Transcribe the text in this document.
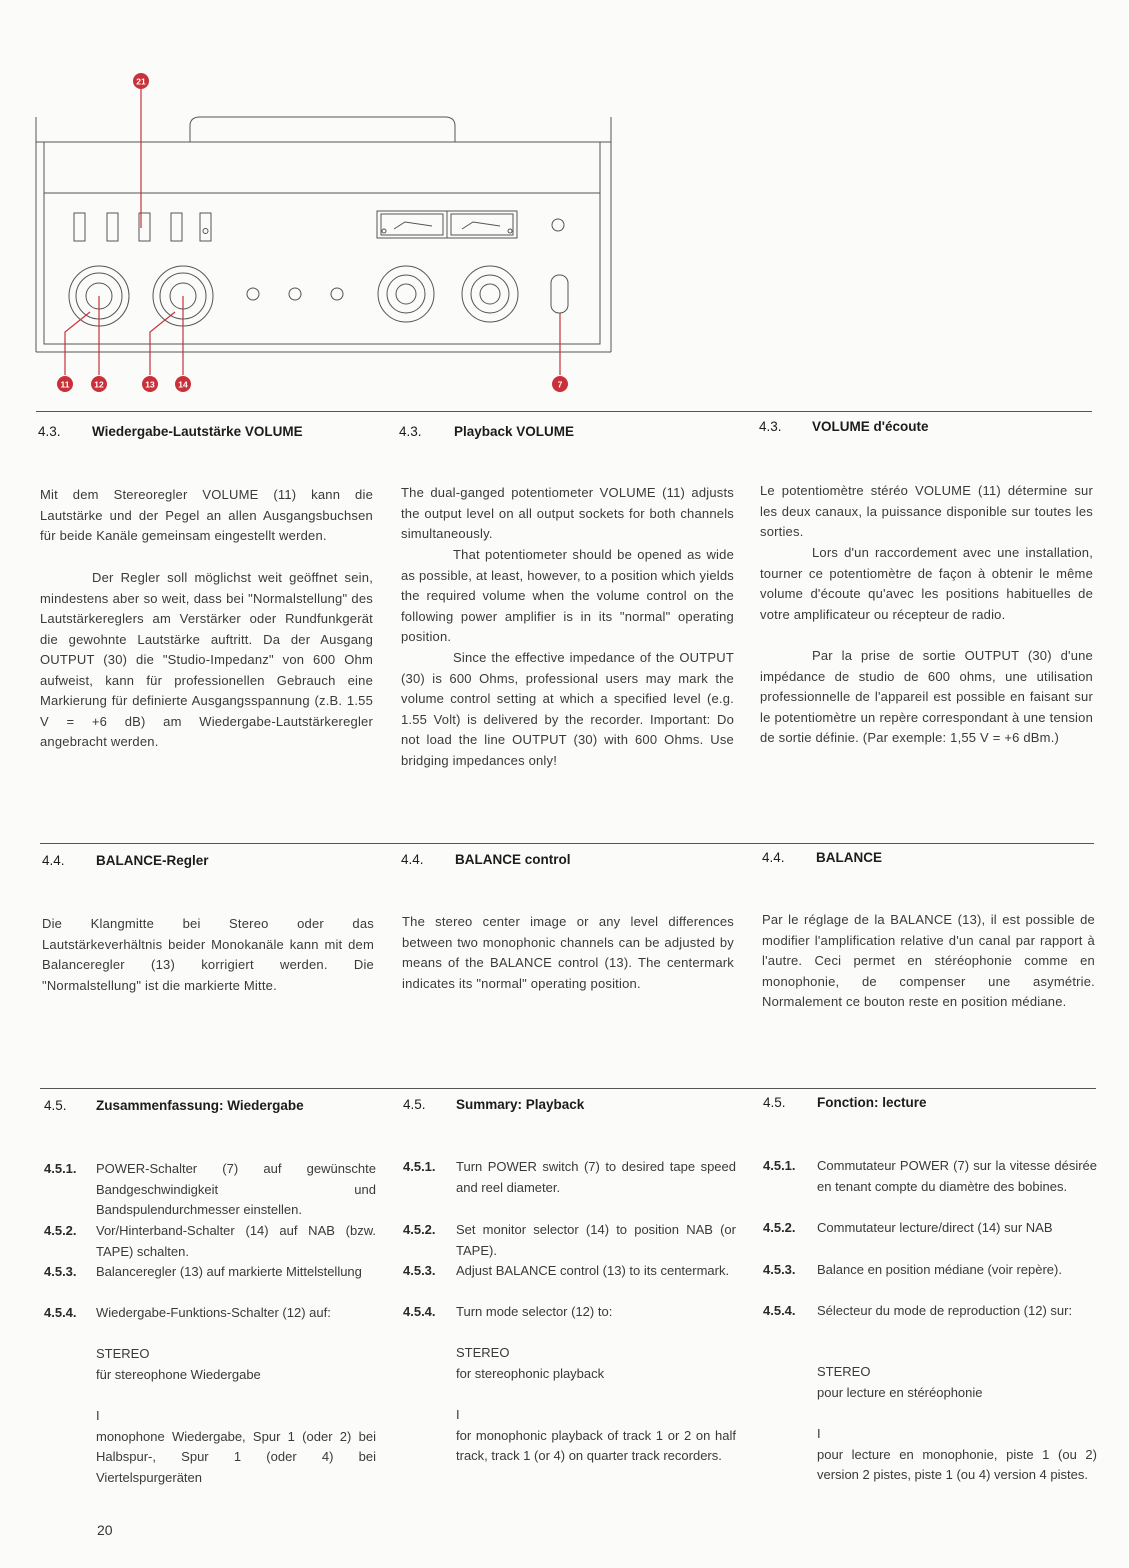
21
11	12	13	14	7
4.3. Wiedergabe-Lautstärke VOLUME	4.3. Playback VOLUME	4.3. VOLUME d'écoute

Mit dem Stereoregler VOLUME (11) kann die Lautstärke und der Pegel an allen Ausgangsbuchsen für beide Kanäle gemeinsam eingestellt werden.

Der Regler soll möglichst weit geöffnet sein, mindestens aber so weit, dass bei "Normalstellung" des Lautstärkereglers am Verstärker oder Rundfunkgerät die gewohnte Lautstärke auftritt. Da der Ausgang OUTPUT (30) die "Studio-Impedanz" von 600 Ohm aufweist, kann für professionellen Gebrauch eine Markierung für definierte Ausgangsspannung (z.B. 1.55 V = +6 dB) am Wiedergabe-Lautstärkeregler angebracht werden.

The dual-ganged potentiometer VOLUME (11) adjusts the output level on all output sockets for both channels simultaneously.

That potentiometer should be opened as wide as possible, at least, however, to a position which yields the required volume when the volume control on the following power amplifier is in its "normal" operating position.

Since the effective impedance of the OUTPUT (30) is 600 Ohms, professional users may mark the volume control setting at which a specified level (e.g. 1.55 Volt) is delivered by the recorder. Important: Do not load the line OUTPUT (30) with 600 Ohms. Use bridging impedances only!

Le potentiomètre stéréo VOLUME (11) détermine sur les deux canaux, la puissance disponible sur toutes les sorties.

Lors d'un raccordement avec une installation, tourner ce potentiomètre de façon à obtenir le même volume d'écoute qu'avec les positions habituelles de votre amplificateur ou récepteur de radio.

Par la prise de sortie OUTPUT (30) d'une impédance de studio de 600 ohms, une utilisation professionnelle de l'appareil est possible en faisant sur le potentiomètre un repère correspondant à une tension de sortie définie. (Par exemple: 1,55 V = +6 dBm.)

4.4. BALANCE-Regler	4.4. BALANCE control	4.4. BALANCE

Die Klangmitte bei Stereo oder das Lautstärkeverhältnis beider Monokanäle kann mit dem Balanceregler (13) korrigiert werden. Die "Normalstellung" ist die markierte Mitte.

The stereo center image or any level differences between two monophonic channels can be adjusted by means of the BALANCE control (13). The centermark indicates its "normal" operating position.

Par le réglage de la BALANCE (13), il est possible de modifier l'amplification relative d'un canal par rapport à l'autre. Ceci permet en stéréophonie comme en monophonie, de compenser une asymétrie. Normalement ce bouton reste en position médiane.

4.5. Zusammenfassung: Wiedergabe	4.5. Summary: Playback	4.5. Fonction: lecture
4.5.1. POWER-Schalter (7) auf gewünschte Bandgeschwindigkeit und Bandspulendurchmesser einstellen.
4.5.2. Vor/Hinterband-Schalter (14) auf NAB (bzw. TAPE) schalten.
4.5.3. Balanceregler (13) auf markierte Mittelstellung
4.5.4. Wiedergabe-Funktions-Schalter (12) auf:
STEREO
für stereophone Wiedergabe
I
monophone Wiedergabe, Spur 1 (oder 2) bei Halbspur-, Spur 1 (oder 4) bei Viertelspurgeräten
4.5.1. Turn POWER switch (7) to desired tape speed and reel diameter.
4.5.2. Set monitor selector (14) to position NAB (or TAPE).
4.5.3. Adjust BALANCE control (13) to its centermark.
4.5.4. Turn mode selector (12) to:
STEREO
for stereophonic playback
I
for monophonic playback of track 1 or 2 on half track, track 1 (or 4) on quarter track recorders.
4.5.1. Commutateur POWER (7) sur la vitesse désirée en tenant compte du diamètre des bobines.
4.5.2. Commutateur lecture/direct (14) sur NAB
4.5.3. Balance en position médiane (voir repère).
4.5.4. Sélecteur du mode de reproduction (12) sur:
STEREO
pour lecture en stéréophonie
I
pour lecture en monophonie, piste 1 (ou 2) version 2 pistes, piste 1 (ou 4) version 4 pistes.
20
